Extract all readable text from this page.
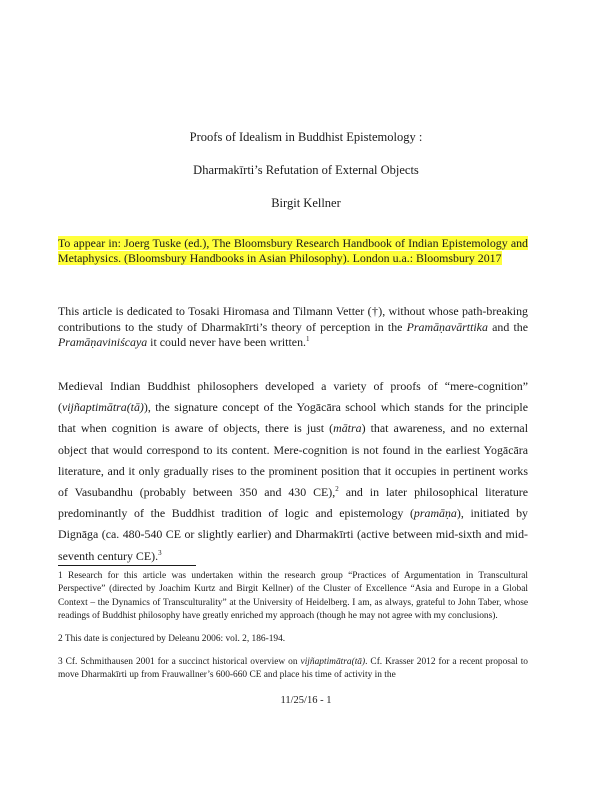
Proofs of Idealism in Buddhist Epistemology :
Dharmakīrti’s Refutation of External Objects
Birgit Kellner
To appear in: Joerg Tuske (ed.), The Bloomsbury Research Handbook of Indian Epistemology and Metaphysics. (Bloomsbury Handbooks in Asian Philosophy). London u.a.: Bloomsbury 2017
This article is dedicated to Tosaki Hiromasa and Tilmann Vetter (†), without whose path-breaking contributions to the study of Dharmakīrti’s theory of perception in the Pramāṇavārttika and the Pramāṇaviniścaya it could never have been written.$^1$
Medieval Indian Buddhist philosophers developed a variety of proofs of “mere-cognition” (vijñaptimātra(tā)), the signature concept of the Yogācāra school which stands for the principle that when cognition is aware of objects, there is just (mātra) that awareness, and no external object that would correspond to its content. Mere-cognition is not found in the earliest Yogācāra literature, and it only gradually rises to the prominent position that it occupies in pertinent works of Vasubandhu (probably between 350 and 430 CE),$^2$ and in later philosophical literature predominantly of the Buddhist tradition of logic and epistemology (pramāṇa), initiated by Dignāga (ca. 480-540 CE or slightly earlier) and Dharmakīrti (active between mid-sixth and mid-seventh century CE).$^3$
1 Research for this article was undertaken within the research group “Practices of Argumentation in Transcultural Perspective” (directed by Joachim Kurtz and Birgit Kellner) of the Cluster of Excellence “Asia and Europe in a Global Context – the Dynamics of Transculturality” at the University of Heidelberg. I am, as always, grateful to John Taber, whose readings of Buddhist philosophy have greatly enriched my approach (though he may not agree with my conclusions).
2 This date is conjectured by Deleanu 2006: vol. 2, 186-194.
3 Cf. Schmithausen 2001 for a succinct historical overview on vijñaptimātra(tā). Cf. Krasser 2012 for a recent proposal to move Dharmakīrti up from Frauwallner’s 600-660 CE and place his time of activity in the
11/25/16 - 1
